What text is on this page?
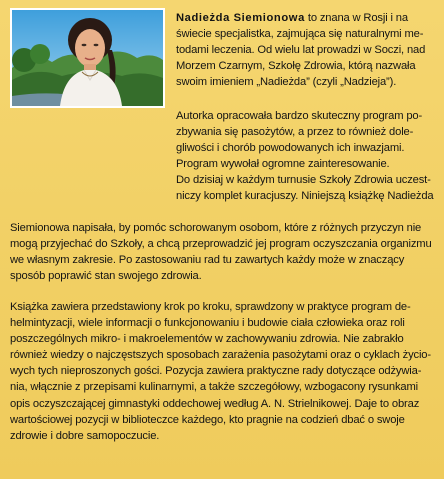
Nadieżda Siemionowa to znana w Rosji i na
świecie specjalistka, zajmująca się naturalnymi me-
todami leczenia. Od wielu lat prowadzi w Soczi, nad
Morzem Czarnym, Szkołę Zdrowia, którą nazwała
swoim imieniem „Nadieżda” (czyli „Nadzieja”).

Autorka opracowała bardzo skuteczny program po-
zbywania się pasożytów, a przez to również dole-
gliwości i chorób powodowanych ich inwazjami.
Program wywołał ogromne zainteresowanie.
Do dzisiaj w każdym turnusie Szkoły Zdrowia uczest-
niczy komplet kuracjuszy. Niniejszą książkę Nadieżda

Siemionowa napisała, by pomóc schorowanym osobom, które z różnych przyczyn nie
mogą przyjechać do Szkoły, a chcą przeprowadzić jej program oczyszczania organizmu
we własnym zakresie. Po zastosowaniu rad tu zawartych każdy może w znaczący
sposób poprawić stan swojego zdrowia.

Książka zawiera przedstawiony krok po kroku, sprawdzony w praktyce program de-
helmintyzacji, wiele informacji o funkcjonowaniu i budowie ciała człowieka oraz roli
poszczególnych mikro- i makroelementów w zachowywaniu zdrowia. Nie zabrakło
również wiedzy o najczęstszych sposobach zarażenia pasożytami oraz o cyklach życio-
wych tych nieproszonych gości. Pozycja zawiera praktyczne rady dotyczące odżywia-
nia, włącznie z przepisami kulinarnymi, a także szczegółowy, wzbogacony rysunkami
opis oczyszczającej gimnastyki oddechowej według A. N. Strielnikowej. Daje to obraz
wartościowej pozycji w biblioteczce każdego, kto pragnie na codzień dbać o swoje
zdrowie i dobre samopoczucie.
